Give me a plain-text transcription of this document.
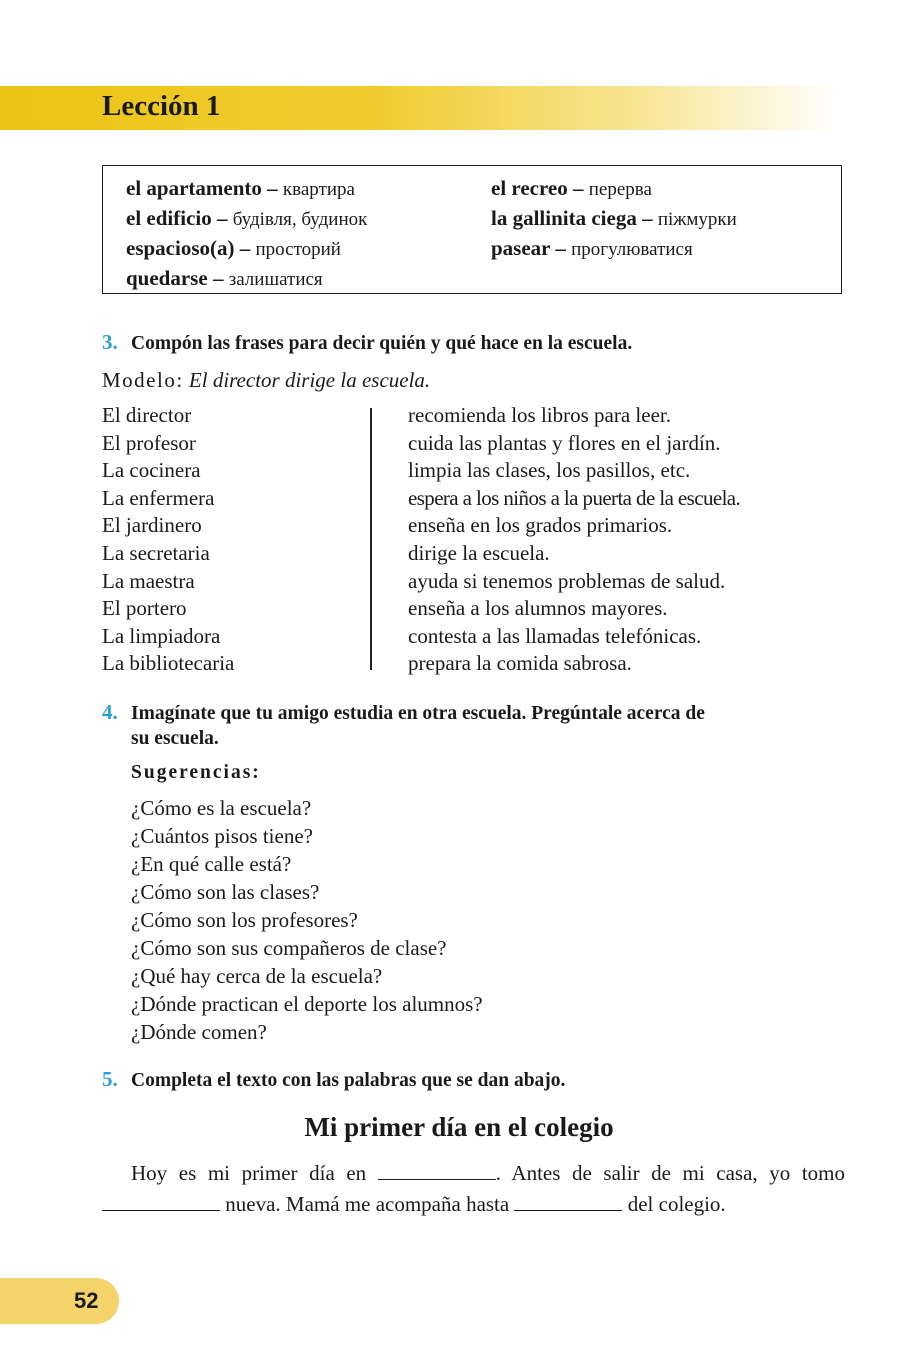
Lección 1
el apartamento – квартира
el edificio – будівля, будинок
espacioso(a) – просторий
quedarse – залишатися
el recreo – перерва
la gallinita ciega – піжмурки
pasear – прогулюватися
3. Compón las frases para decir quién y qué hace en la escuela.
Modelo: El director dirige la escuela.
El director
El profesor
La cocinera
La enfermera
El jardinero
La secretaria
La maestra
El portero
La limpiadora
La bibliotecaria
recomienda los libros para leer.
cuida las plantas y flores en el jardín.
limpia las clases, los pasillos, etc.
espera a los niños a la puerta de la escuela.
enseña en los grados primarios.
dirige la escuela.
ayuda si tenemos problemas de salud.
enseña a los alumnos mayores.
contesta a las llamadas telefónicas.
prepara la comida sabrosa.
4. Imagínate que tu amigo estudia en otra escuela. Pregúntale acerca de
su escuela.
Sugerencias:
¿Cómo es la escuela?
¿Cuántos pisos tiene?
¿En qué calle está?
¿Cómo son las clases?
¿Cómo son los profesores?
¿Cómo son sus compañeros de clase?
¿Qué hay cerca de la escuela?
¿Dónde practican el deporte los alumnos?
¿Dónde comen?
5. Completa el texto con las palabras que se dan abajo.
Mi primer día en el colegio
Hoy es mi primer día en	. Antes de salir de mi casa, yo tomo  nueva. Mamá me acompaña hasta	del colegio.
52
